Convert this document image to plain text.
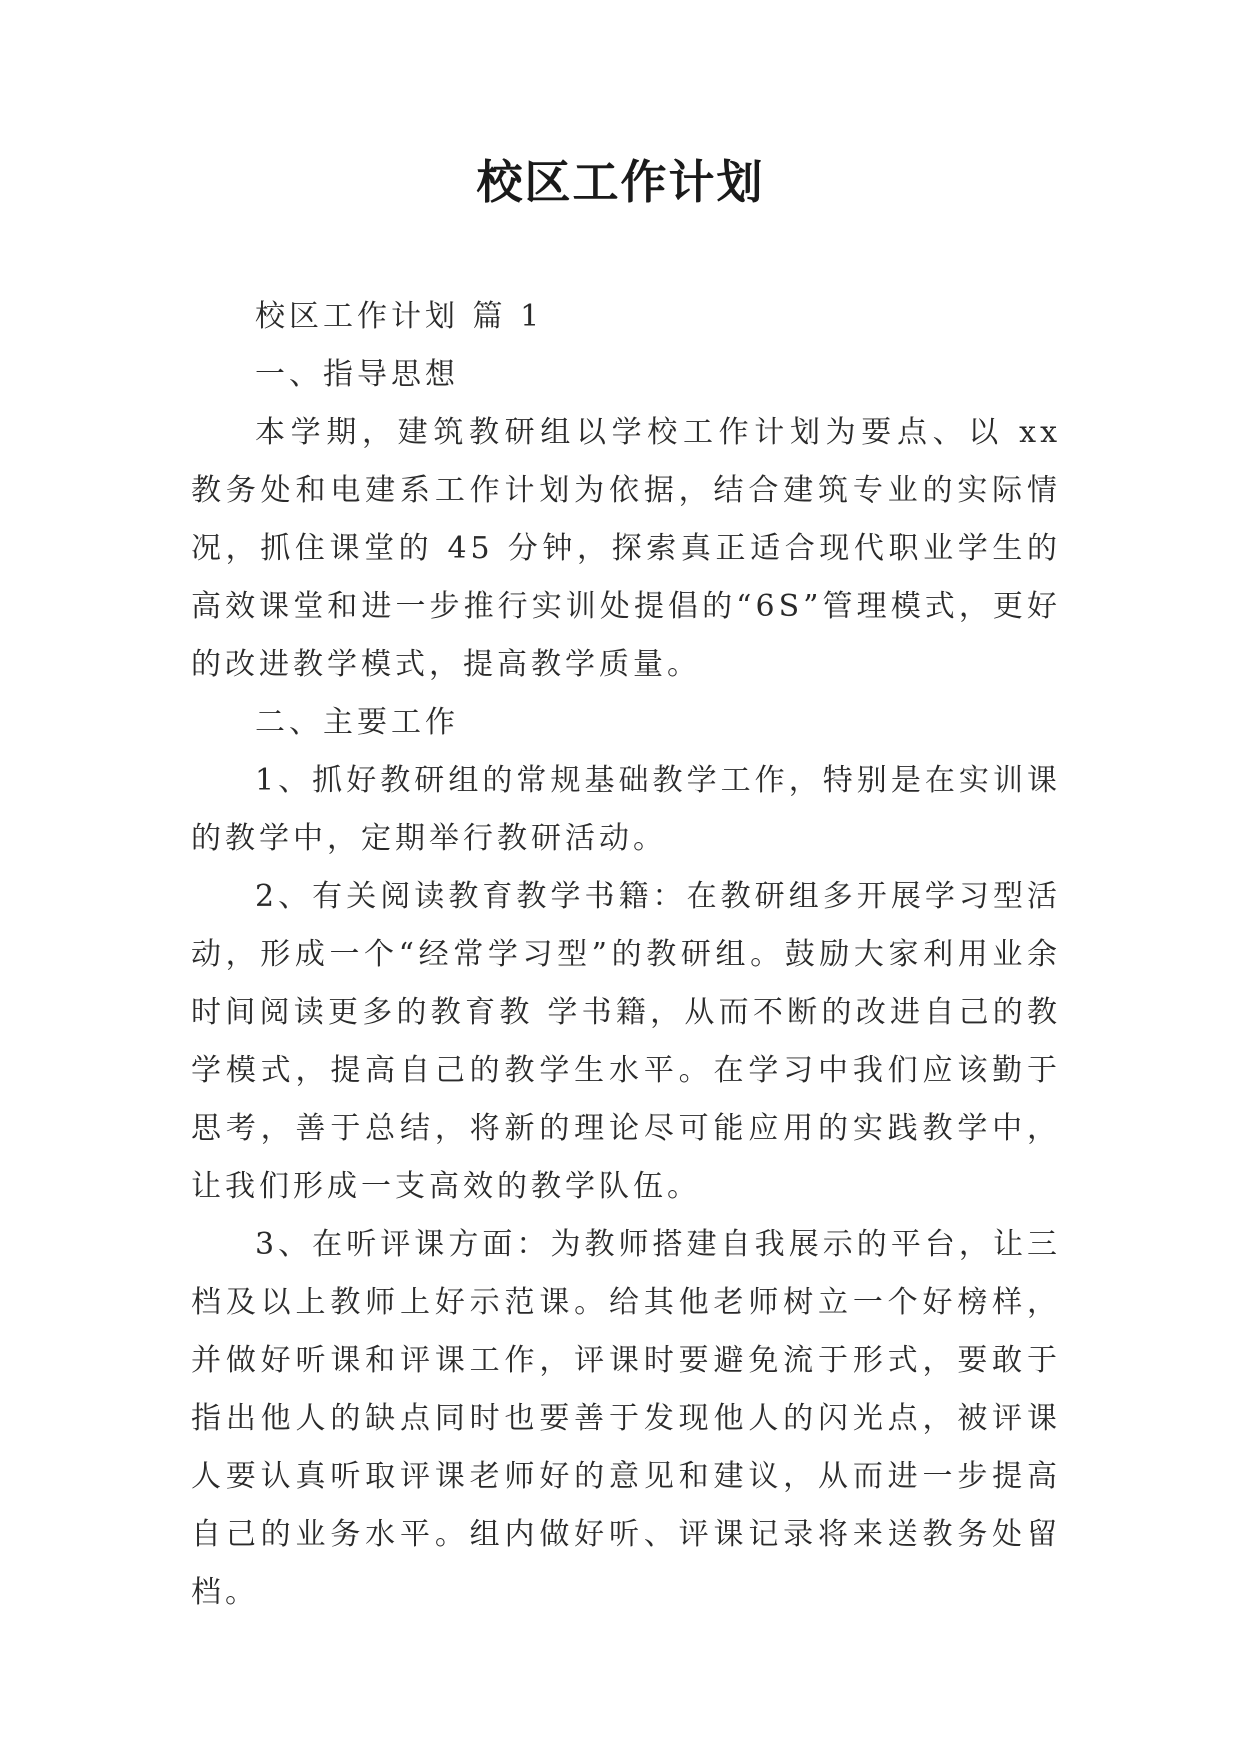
校区工作计划

校区工作计划 篇 1

一、指导思想

本学期，建筑教研组以学校工作计划为要点、以 xx 教务处和电建系工作计划为依据，结合建筑专业的实际情况，抓住课堂的 45 分钟，探索真正适合现代职业学生的高效课堂和进一步推行实训处提倡的“6S”管理模式，更好的改进教学模式，提高教学质量。

二、主要工作

1、抓好教研组的常规基础教学工作，特别是在实训课的教学中，定期举行教研活动。

2、有关阅读教育教学书籍：在教研组多开展学习型活动，形成一个“经常学习型”的教研组。鼓励大家利用业余时间阅读更多的教育教 学书籍，从而不断的改进自己的教学模式，提高自己的教学生水平。在学习中我们应该勤于思考，善于总结，将新的理论尽可能应用的实践教学中，让我们形成一支高效的教学队伍。

3、在听评课方面：为教师搭建自我展示的平台，让三档及以上教师上好示范课。给其他老师树立一个好榜样，并做好听课和评课工作，评课时要避免流于形式，要敢于指出他人的缺点同时也要善于发现他人的闪光点，被评课人要认真听取评课老师好的意见和建议，从而进一步提高自己的业务水平。组内做好听、评课记录将来送教务处留档。
